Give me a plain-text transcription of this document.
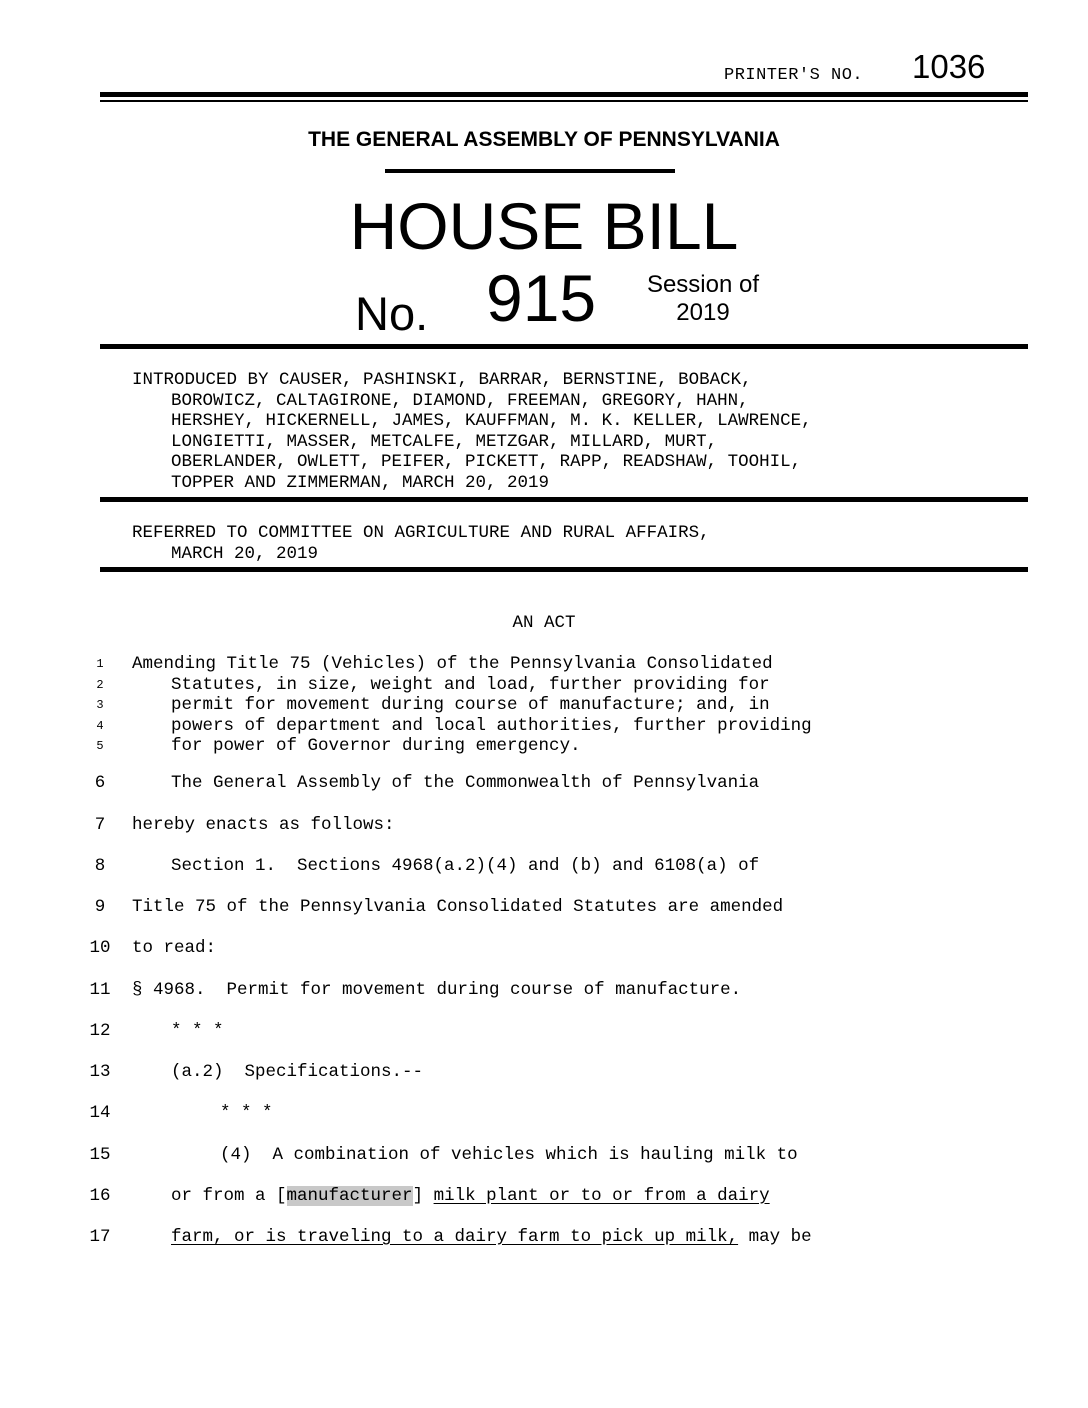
PRINTER'S NO. 1036
THE GENERAL ASSEMBLY OF PENNSYLVANIA
HOUSE BILL
No. 915	Session of
2019
INTRODUCED BY CAUSER, PASHINSKI, BARRAR, BERNSTINE, BOBACK,
BOROWICZ, CALTAGIRONE, DIAMOND, FREEMAN, GREGORY, HAHN,
HERSHEY, HICKERNELL, JAMES, KAUFFMAN, M. K. KELLER, LAWRENCE,
LONGIETTI, MASSER, METCALFE, METZGAR, MILLARD, MURT,
OBERLANDER, OWLETT, PEIFER, PICKETT, RAPP, READSHAW, TOOHIL,
TOPPER AND ZIMMERMAN, MARCH 20, 2019
REFERRED TO COMMITTEE ON AGRICULTURE AND RURAL AFFAIRS,
MARCH 20, 2019
AN ACT
1	Amending Title 75 (Vehicles) of the Pennsylvania Consolidated
2	Statutes, in size, weight and load, further providing for
3	permit for movement during course of manufacture; and, in
4	powers of department and local authorities, further providing
5	for power of Governor during emergency.
6	The General Assembly of the Commonwealth of Pennsylvania
7	hereby enacts as follows:
8	Section 1.  Sections 4968(a.2)(4) and (b) and 6108(a) of
9	Title 75 of the Pennsylvania Consolidated Statutes are amended
10	to read:
11	§ 4968.  Permit for movement during course of manufacture.
12	* * *
13	(a.2)  Specifications.--
14	* * *
15	(4)  A combination of vehicles which is hauling milk to
16	or from a [manufacturer] milk plant or to or from a dairy
17	farm, or is traveling to a dairy farm to pick up milk, may be
